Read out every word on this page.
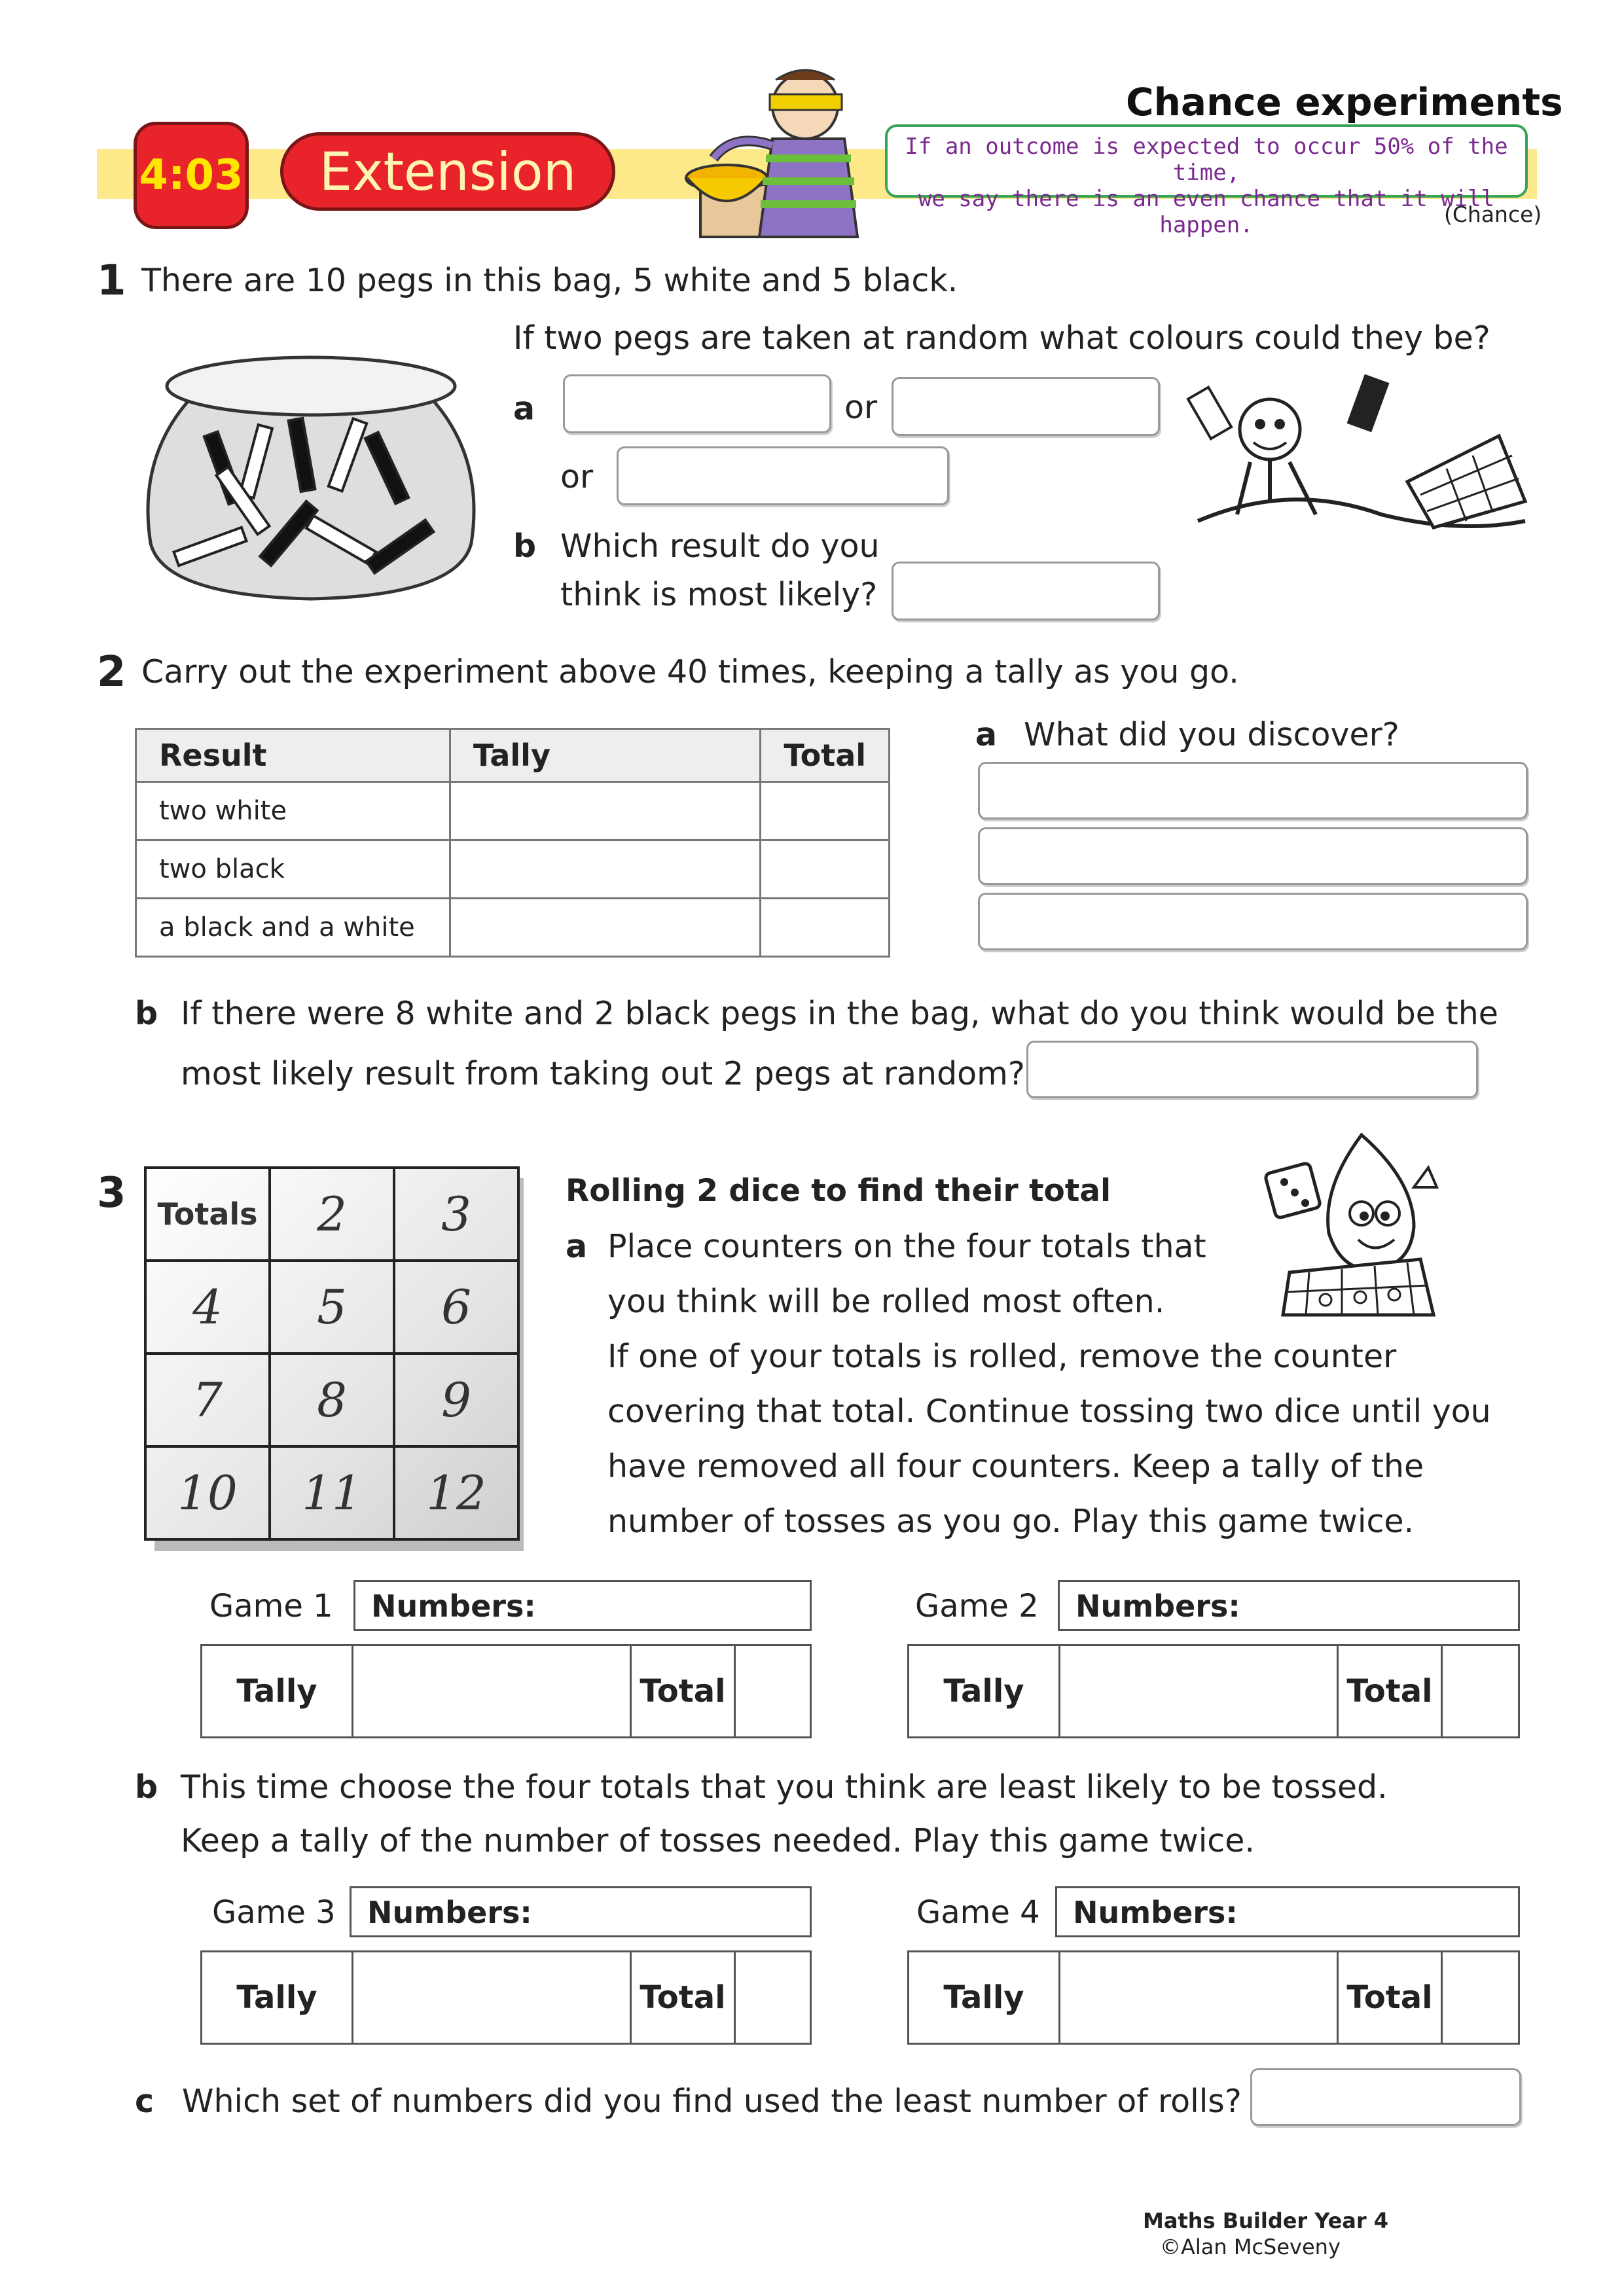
4:03 Extension
Chance experiments
If an outcome is expected to occur 50% of the time,
we say there is an even chance that it will happen.	(Chance)
1 There are 10 pegs in this bag, 5 white and 5 black.
If two pegs are taken at random what colours could they be?
a	or
or
b Which result do you
think is most likely?
2 Carry out the experiment above 40 times, keeping a tally as you go.
Result	Tally	Total
two white		
two black		
a black and a white		
a What did you discover?
b If there were 8 white and 2 black pegs in the bag, what do you think would be the
most likely result from taking out 2 pegs at random?
3 Totals	2	3
4	5	6
7	8	9
10	11	12
Rolling 2 dice to find their total
a Place counters on the four totals that
you think will be rolled most often.
If one of your totals is rolled, remove the counter
covering that total. Continue tossing two dice until you
have removed all four counters. Keep a tally of the
number of tosses as you go. Play this game twice.
Game 1	Numbers:
Tally		Total	
Game 2	Numbers:
Tally		Total	
b This time choose the four totals that you think are least likely to be tossed.
Keep a tally of the number of tosses needed. Play this game twice.
Game 3	Numbers:
Tally		Total	
Game 4	Numbers:
Tally		Total	
c Which set of numbers did you find used the least number of rolls?
Maths Builder Year 4
©Alan McSeveny
